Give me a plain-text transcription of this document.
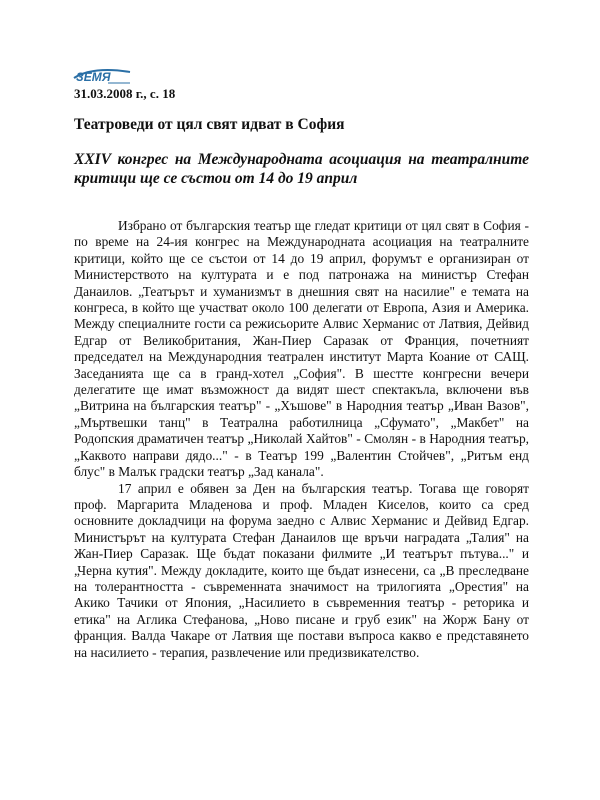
ЗЕМЯ
31.03.2008 г., с. 18
Театроведи от цял свят идват в София

XXIV конгрес на Международната асоциация на театралните критици ще се състои от 14 до 19 април

Избрано от българския театър ще гледат критици от цял свят в София - по време на 24-ия конгрес на Международната асоциация на театралните критици, който ще се състои от 14 до 19 април, форумът е организиран от Министерството на културата и е под патронажа на министър Стефан Данаилов. „Театърът и хуманизмът в днешния свят на насилие" е темата на конгреса, в който ще участват около 100 делегати от Европа, Азия и Америка. Между специалните гости са режисьорите Алвис Херманис от Латвия, Дейвид Едгар от Великобритания, Жан-Пиер Саразак от Франция, почетният председател на Международния театрален институт Марта Коание от САЩ. Заседанията ще са в гранд-хотел „София". В шестте конгресни вечери делегатите ще имат възможност да видят шест спектакъла, включени във „Витрина на българския театър" - „Хъшове" в Народния театър „Иван Вазов", „Мъртвешки танц" в Театрална работилница „Сфумато", „Макбет" на Родопския драматичен театър „Николай Хайтов" - Смолян - в Народния театър, „Каквото направи дядо..." - в Театър 199 „Валентин Стойчев", „Ритъм енд блус" в Малък градски театър „Зад канала".

17 април е обявен за Ден на българския театър. Тогава ще говорят проф. Маргарита Младенова и проф. Младен Киселов, които са сред основните докладчици на форума заедно с Алвис Херманис и Дейвид Едгар. Министърът на културата Стефан Данаилов ще връчи наградата „Талия" на Жан-Пиер Саразак. Ще бъдат показани филмите „И театърът пътува..." и „Черна кутия". Между докладите, които ще бъдат изнесени, са „В преследване на толерантността - съвременната значимост на трилогията „Орестия" на Акико Тачики от Япония, „Насилието в съвременния театър - реторика и етика" на Аглика Стефанова, „Ново писане и груб език" на Жорж Бану от франция. Валда Чакаре от Латвия ще постави въпроса какво е представянето на насилието - терапия, развлечение или предизвикателство.
